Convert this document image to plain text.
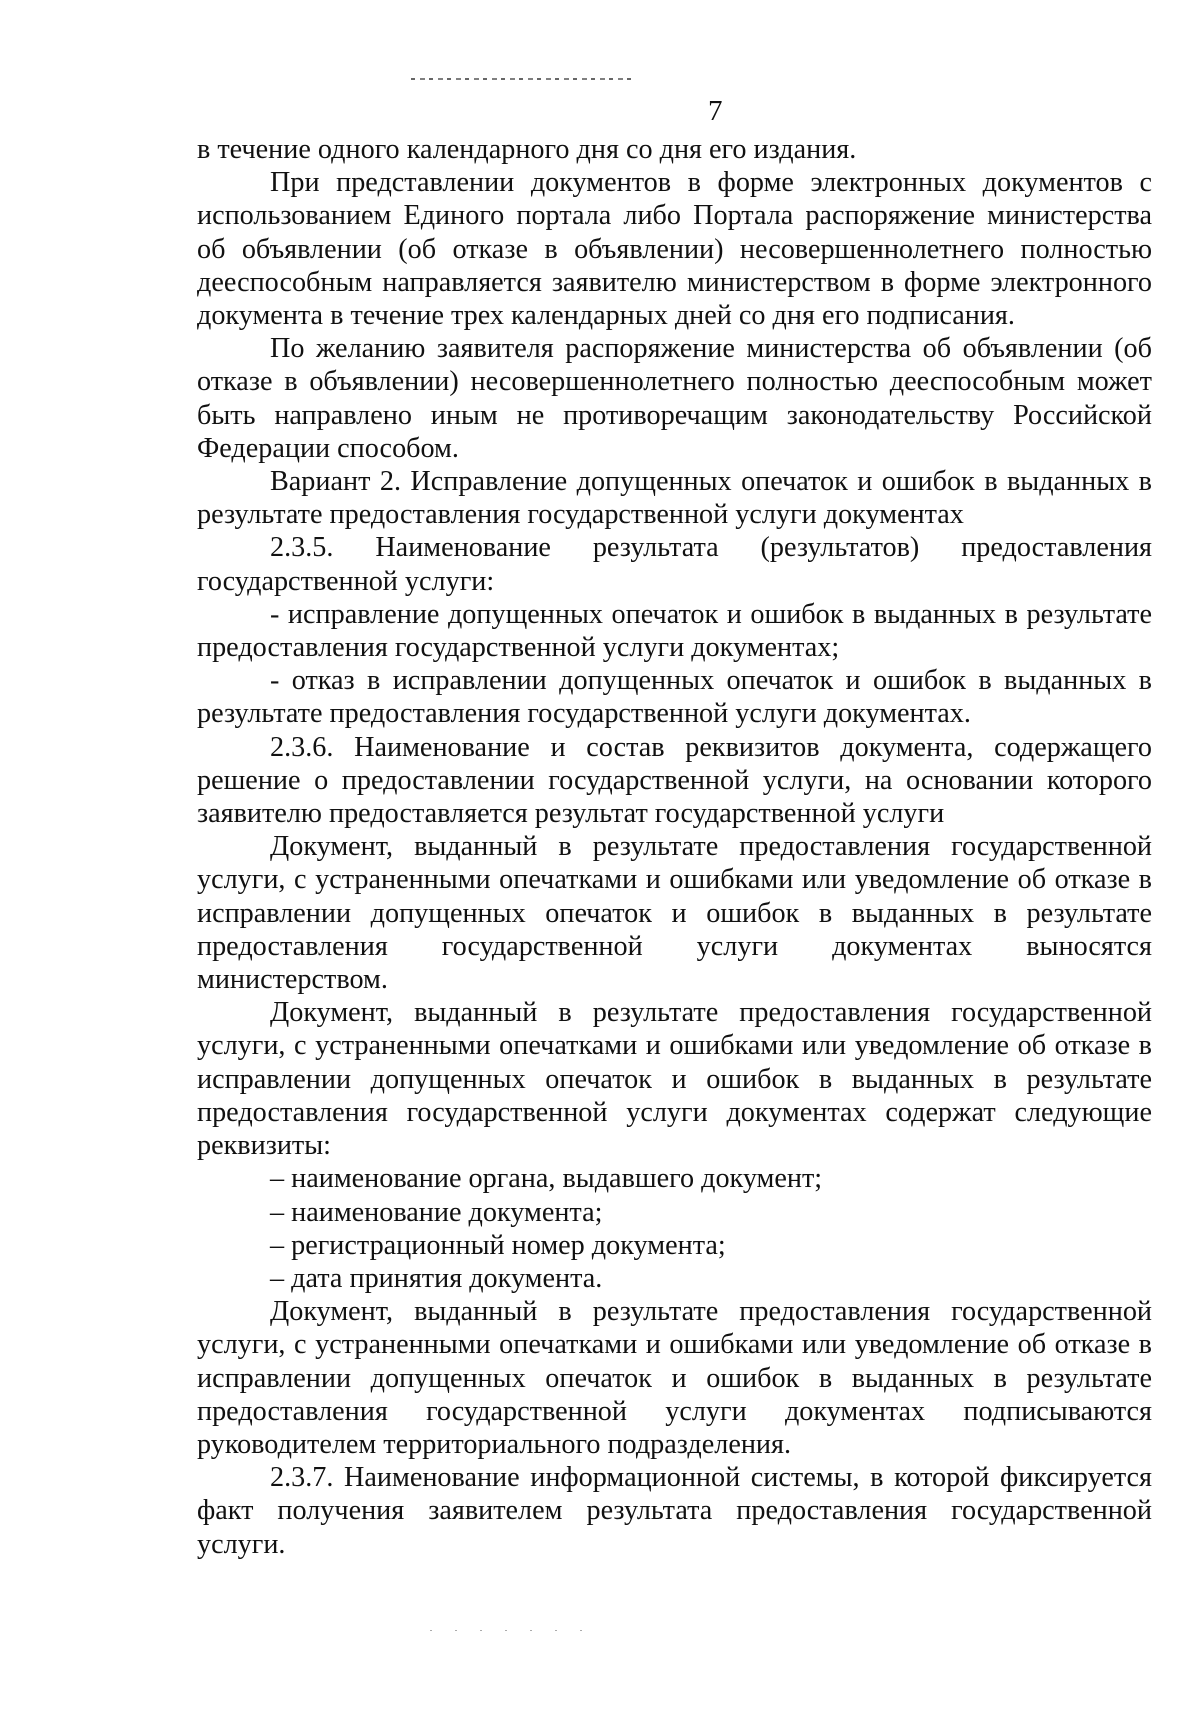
7

в течение одного календарного дня со дня его издания.

При представлении документов в форме электронных документов с использованием Единого портала либо Портала распоряжение министерства об объявлении (об отказе в объявлении) несовершеннолетнего полностью дееспособным направляется заявителю министерством в форме электронного документа в течение трех календарных дней со дня его подписания.

По желанию заявителя распоряжение министерства об объявлении (об отказе в объявлении) несовершеннолетнего полностью дееспособным может быть направлено иным не противоречащим законодательству Российской Федерации способом.

Вариант 2. Исправление допущенных опечаток и ошибок в выданных в результате предоставления государственной услуги документах

2.3.5. Наименование результата (результатов) предоставления государственной услуги:

- исправление допущенных опечаток и ошибок в выданных в результате предоставления государственной услуги документах;

- отказ в исправлении допущенных опечаток и ошибок в выданных в результате предоставления государственной услуги документах.

2.3.6. Наименование и состав реквизитов документа, содержащего решение о предоставлении государственной услуги, на основании которого заявителю предоставляется результат государственной услуги

Документ, выданный в результате предоставления государственной услуги, с устраненными опечатками и ошибками или уведомление об отказе в исправлении допущенных опечаток и ошибок в выданных в результате предоставления государственной услуги документах выносятся министерством.

Документ, выданный в результате предоставления государственной услуги, с устраненными опечатками и ошибками или уведомление об отказе в исправлении допущенных опечаток и ошибок в выданных в результате предоставления государственной услуги документах содержат следующие реквизиты:

– наименование органа, выдавшего документ;
– наименование документа;
– регистрационный номер документа;
– дата принятия документа.

Документ, выданный в результате предоставления государственной услуги, с устраненными опечатками и ошибками или уведомление об отказе в исправлении допущенных опечаток и ошибок в выданных в результате предоставления государственной услуги документах подписываются руководителем территориального подразделения.

2.3.7. Наименование информационной системы, в которой фиксируется факт получения заявителем результата предоставления государственной услуги.
